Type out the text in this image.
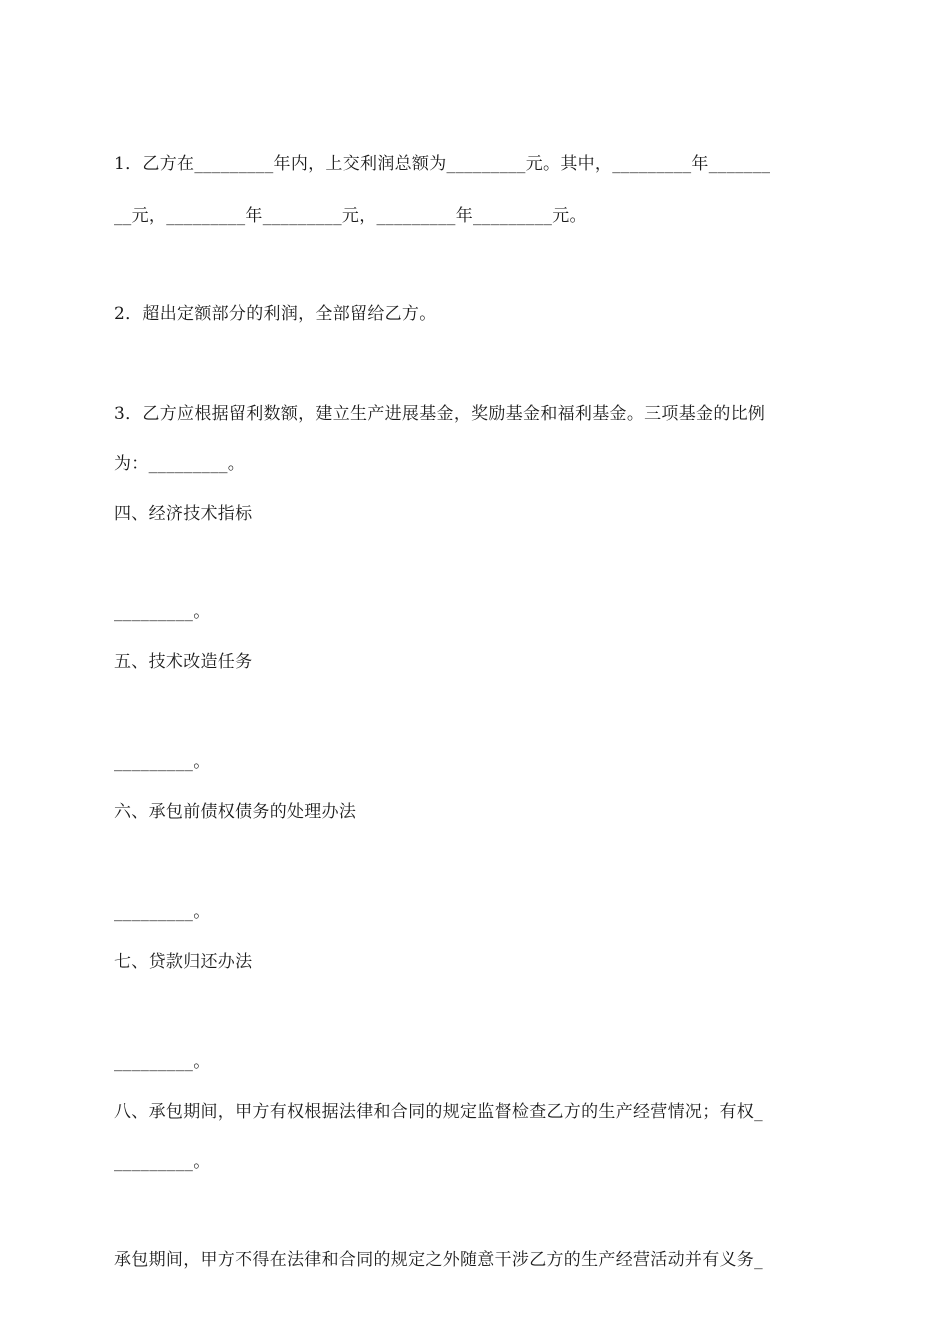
1．乙方在_________年内，上交利润总额为_________元。其中，_________年_______
__元，_________年_________元，_________年_________元。
2．超出定额部分的利润，全部留给乙方。
3．乙方应根据留利数额，建立生产进展基金，奖励基金和福利基金。三项基金的比例
为：_________。
四、经济技术指标
_________。
五、技术改造任务
_________。
六、承包前债权债务的处理办法
_________。
七、贷款归还办法
_________。
八、承包期间，甲方有权根据法律和合同的规定监督检查乙方的生产经营情况；有权_
_________。
承包期间，甲方不得在法律和合同的规定之外随意干涉乙方的生产经营活动并有义务_
